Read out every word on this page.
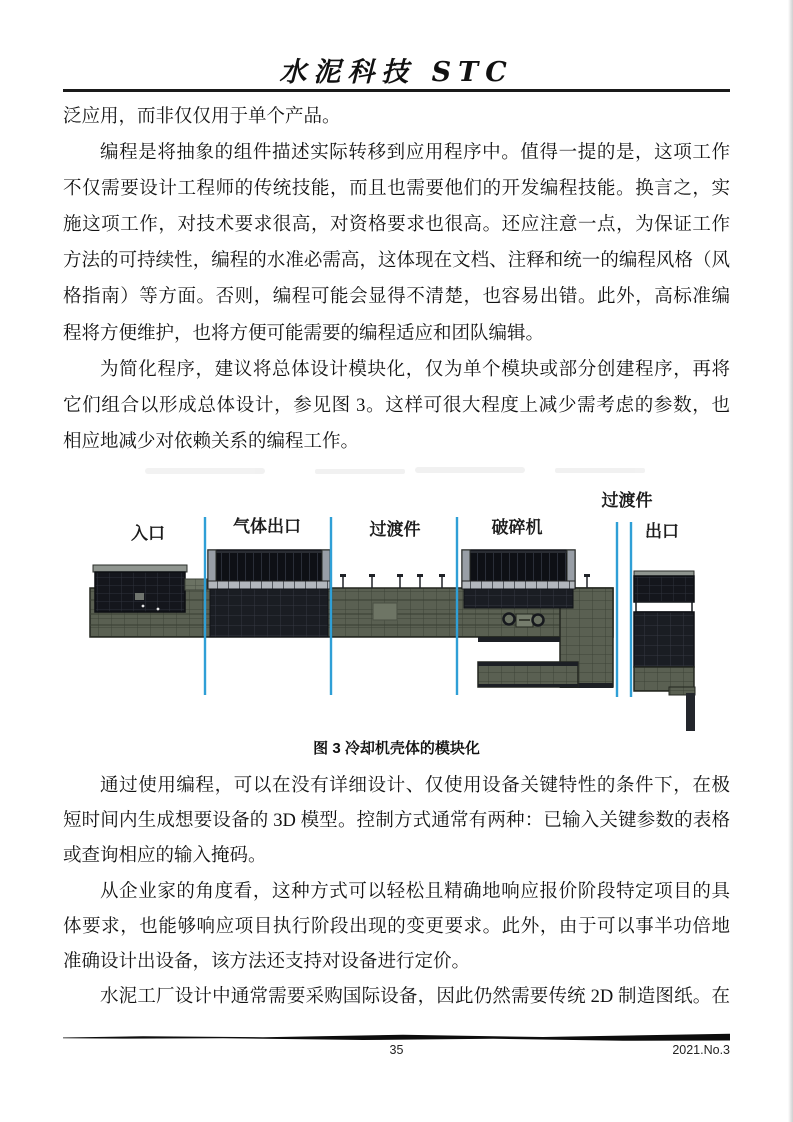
水泥科技 STC
泛应用，而非仅仅用于单个产品。
编程是将抽象的组件描述实际转移到应用程序中。值得一提的是，这项工作
不仅需要设计工程师的传统技能，而且也需要他们的开发编程技能。换言之，实
施这项工作，对技术要求很高，对资格要求也很高。还应注意一点，为保证工作
方法的可持续性，编程的水准必需高，这体现在文档、注释和统一的编程风格（风
格指南）等方面。否则，编程可能会显得不清楚，也容易出错。此外，高标准编
程将方便维护，也将方便可能需要的编程适应和团队编辑。
为简化程序，建议将总体设计模块化，仅为单个模块或部分创建程序，再将
它们组合以形成总体设计，参见图 3。这样可很大程度上减少需考虑的参数，也
相应地减少对依赖关系的编程工作。
入口	气体出口	过渡件	破碎机
过渡件
出口
图 3 冷却机壳体的模块化
通过使用编程，可以在没有详细设计、仅使用设备关键特性的条件下，在极
短时间内生成想要设备的 3D 模型。控制方式通常有两种：已输入关键参数的表格
或查询相应的输入掩码。
从企业家的角度看，这种方式可以轻松且精确地响应报价阶段特定项目的具
体要求，也能够响应项目执行阶段出现的变更要求。此外，由于可以事半功倍地
准确设计出设备，该方法还支持对设备进行定价。
水泥工厂设计中通常需要采购国际设备，因此仍然需要传统 2D 制造图纸。在
35	2021.No.3
